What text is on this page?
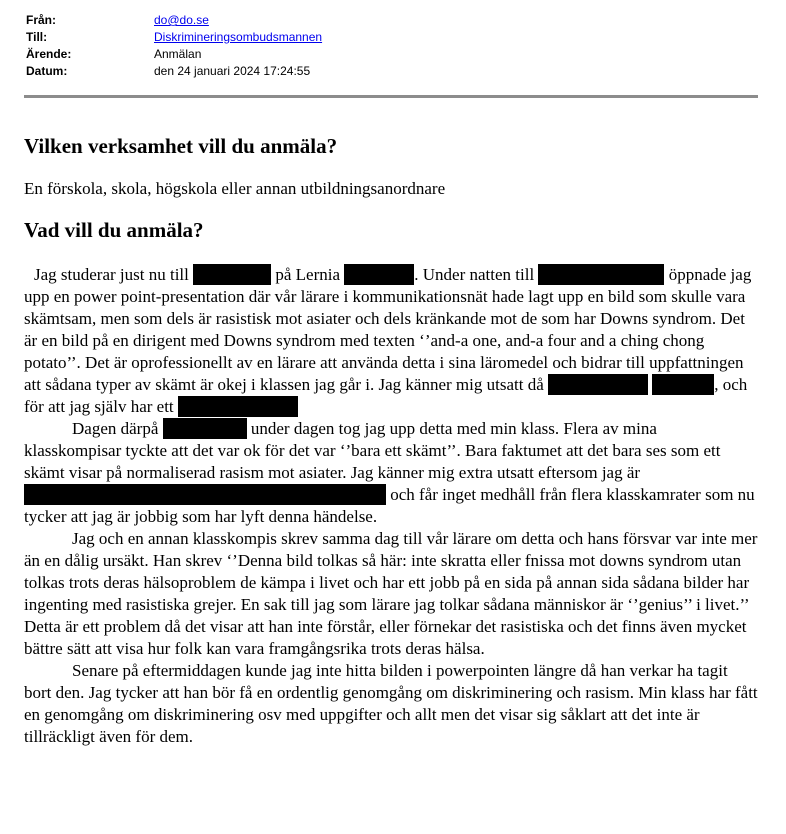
Från:	do@do.se
Till:	Diskrimineringsombudsmannen
Ärende:	Anmälan
Datum:	den 24 januari 2024 17:24:55
Vilken verksamhet vill du anmäla?
En förskola, skola, högskola eller annan utbildningsanordnare
Vad vill du anmäla?

Jag studerar just nu till	på Lernia	. Under natten till	öppnade jag upp en power point-presentation där vår lärare i kommunikationsnät hade lagt upp en bild som skulle vara skämtsam, men som dels är rasistisk mot asiater och dels kränkande mot de som har Downs syndrom. Det är en bild på en dirigent med Downs syndrom med texten ‘’and-a one, and-a four and a ching chong potato’’. Det är oprofessionellt av en lärare att använda detta i sina läromedel och bidrar till uppfattningen att sådana typer av skämt är okej i klassen jag går i. Jag känner mig utsatt då	, och för att jag själv har ett

Dagen därpå	under dagen tog jag upp detta med min klass. Flera av mina klasskompisar tyckte att det var ok för det var ‘’bara ett skämt’’. Bara faktumet att det bara ses som ett skämt visar på normaliserad rasism mot asiater. Jag känner mig extra utsatt eftersom jag är  och får inget medhåll från flera klasskamrater som nu tycker att jag är jobbig som har lyft denna händelse.

Jag och en annan klasskompis skrev samma dag till vår lärare om detta och hans försvar var inte mer än en dålig ursäkt. Han skrev ‘’Denna bild tolkas så här: inte skratta eller fnissa mot downs syndrom utan tolkas trots deras hälsoproblem de kämpa i livet och har ett jobb på en sida på annan sida sådana bilder har ingenting med rasistiska grejer. En sak till jag som lärare jag tolkar sådana människor är ‘’genius’’ i livet.’’ Detta är ett problem då det visar att han inte förstår, eller förnekar det rasistiska och det finns även mycket bättre sätt att visa hur folk kan vara framgångsrika trots deras hälsa.

Senare på eftermiddagen kunde jag inte hitta bilden i powerpointen längre då han verkar ha tagit bort den. Jag tycker att han bör få en ordentlig genomgång om diskriminering och rasism. Min klass har fått en genomgång om diskriminering osv med uppgifter och allt men det visar sig såklart att det inte är tillräckligt även för dem.
